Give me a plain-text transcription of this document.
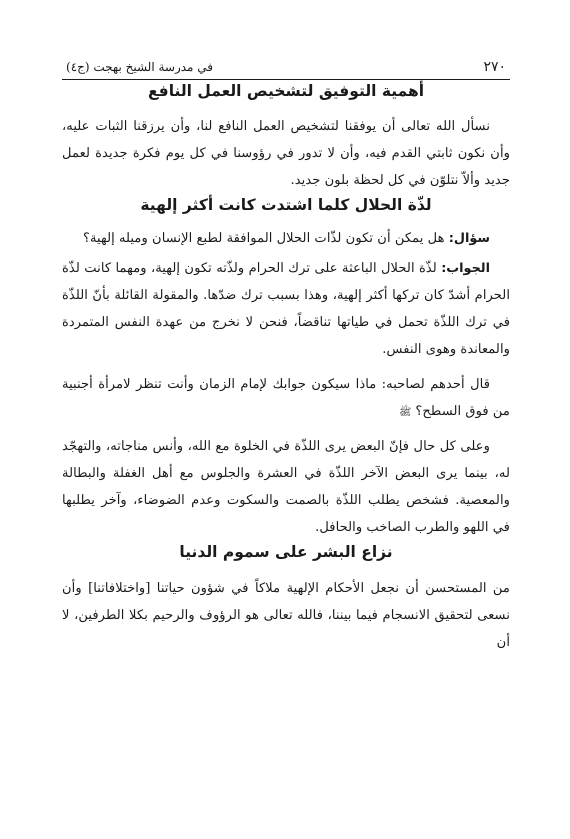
٢٧٠
في مدرسة الشيخ بهجت (ج٤)
أهمية التوفيق لتشخيص العمل النافع

نسأل الله تعالى أن يوفقنا لتشخيص العمل النافع لنا، وأن يرزقنا الثبات عليه، وأن نكون ثابتي القدم فيه، وأن لا تدور في رؤوسنا في كل يوم فكرة جديدة لعمل جديد وألاّ نتلوّن في كل لحظة بلون جديد.

لذّة الحلال كلما اشتدت كانت أكثر إلهية

سؤال: هل يمكن أن تكون لذّات الحلال الموافقة لطبع الإنسان وميله إلهية؟

الجواب: لذّة الحلال الباعثة على ترك الحرام ولذّته تكون إلهية، ومهما كانت لذّة الحرام أشدّ كان تركها أكثر إلهية، وهذا بسبب ترك ضدّها. والمقولة القائلة بأنّ اللذّة في ترك اللذّة تحمل في طياتها تناقضاً، فنحن لا نخرج من عهدة النفس المتمردة والمعاندة وهوى النفس.

قال أحدهم لصاحبه: ماذا سيكون جوابك لإمام الزمان وأنت تنظر لامرأة أجنبية من فوق السطح؟ ﷺ

وعلى كل حال فإنّ البعض يرى اللذّة في الخلوة مع الله، وأنس مناجاته، والتهجّد له، بينما يرى البعض الآخر اللذّة في العشرة والجلوس مع أهل الغفلة والبطالة والمعصية. فشخص يطلب اللذّة بالصمت والسكوت وعدم الضوضاء، وآخر يطلبها في اللهو والطرب الصاخب والحافل.

نزاع البشر على سموم الدنيا

من المستحسن أن نجعل الأحكام الإلهية ملاكاً في شؤون حياتنا [واختلافاتنا] وأن نسعى لتحقيق الانسجام فيما بيننا، فالله تعالى هو الرؤوف والرحيم بكلا الطرفين، لا أن
